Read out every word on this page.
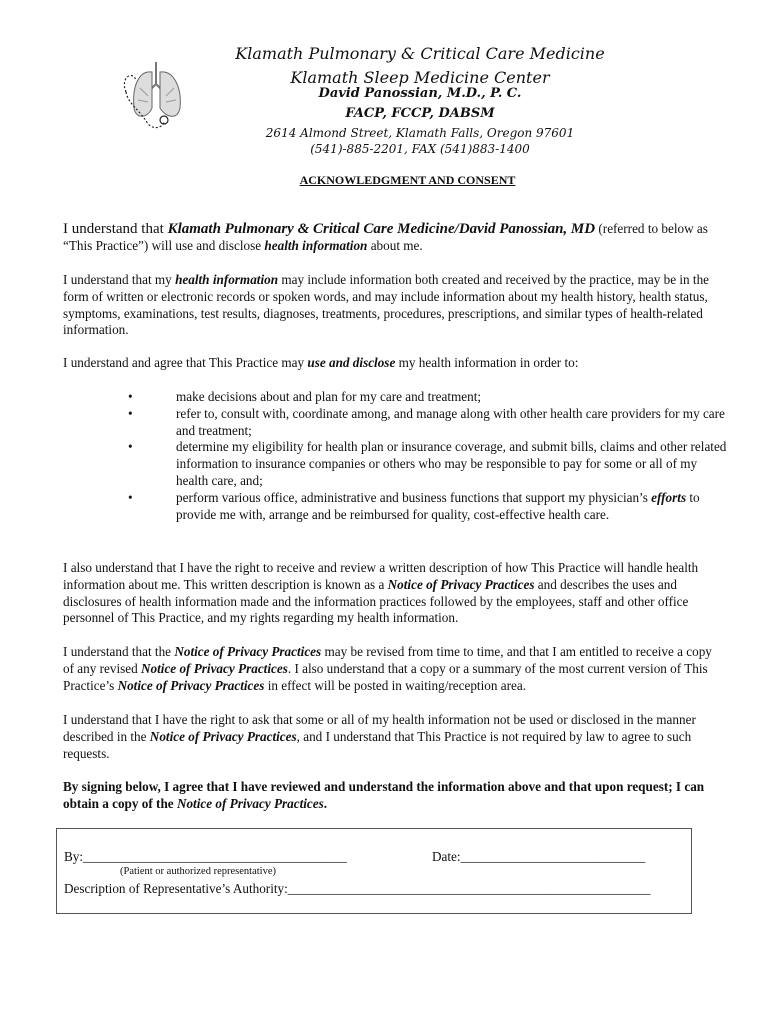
Klamath Pulmonary & Critical Care Medicine
Klamath Sleep Medicine Center
David Panossian, M.D., P. C.
FACP, FCCP, DABSM
2614 Almond Street, Klamath Falls, Oregon 97601
(541)-885-2201, FAX (541)883-1400
ACKNOWLEDGMENT AND CONSENT
I understand that Klamath Pulmonary & Critical Care Medicine/David Panossian, MD (referred to below as “This Practice”) will use and disclose health information about me.
I understand that my health information may include information both created and received by the practice, may be in the form of written or electronic records or spoken words, and may include information about my health history, health status, symptoms, examinations, test results, diagnoses, treatments, procedures, prescriptions, and similar types of health-related information.
I understand and agree that This Practice may use and disclose my health information in order to:
• make decisions about and plan for my care and treatment;
• refer to, consult with, coordinate among, and manage along with other health care providers for my care and treatment;
• determine my eligibility for health plan or insurance coverage, and submit bills, claims and other related information to insurance companies or others who may be responsible to pay for some or all of my health care, and;
• perform various office, administrative and business functions that support my physician’s efforts to provide me with, arrange and be reimbursed for quality, cost-effective health care.
I also understand that I have the right to receive and review a written description of how This Practice will handle health information about me. This written description is known as a Notice of Privacy Practices and describes the uses and disclosures of health information made and the information practices followed by the employees, staff and other office personnel of This Practice, and my rights regarding my health information.
I understand that the Notice of Privacy Practices may be revised from time to time, and that I am entitled to receive a copy of any revised Notice of Privacy Practices. I also understand that a copy or a summary of the most current version of This Practice’s Notice of Privacy Practices in effect will be posted in waiting/reception area.
I understand that I have the right to ask that some or all of my health information not be used or disclosed in the manner described in the Notice of Privacy Practices, and I understand that This Practice is not required by law to agree to such requests.
By signing below, I agree that I have reviewed and understand the information above and that upon request; I can obtain a copy of the Notice of Privacy Practices.
By:________________________________________	Date:____________________________
(Patient or authorized representative)
Description of Representative’s Authority:_______________________________________________________
